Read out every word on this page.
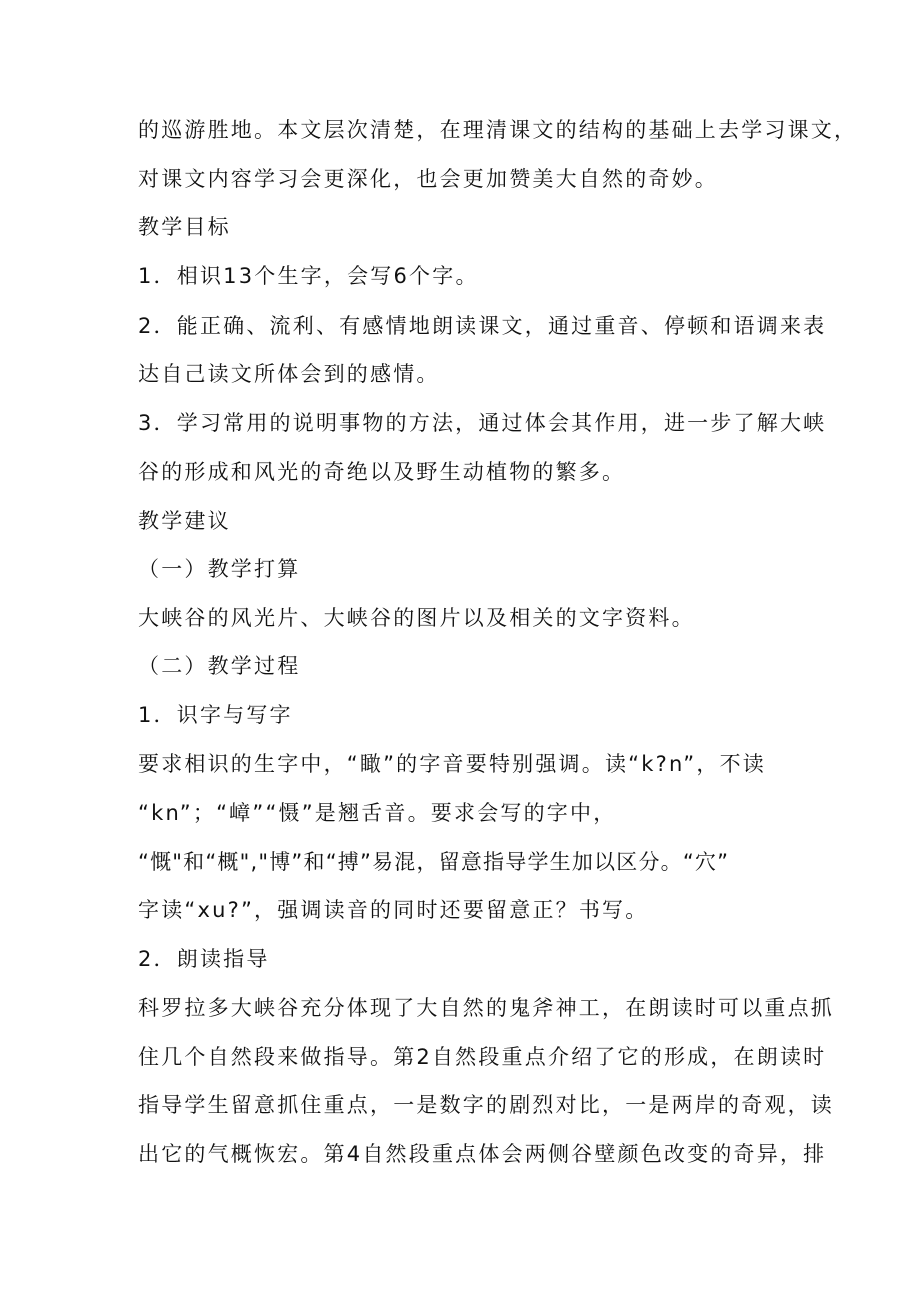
的巡游胜地。本文层次清楚，在理清课文的结构的基础上去学习课文，
对课文内容学习会更深化，也会更加赞美大自然的奇妙。
教学目标
1．相识13个生字，会写6个字。
2．能正确、流利、有感情地朗读课文，通过重音、停顿和语调来表
达自己读文所体会到的感情。
3．学习常用的说明事物的方法，通过体会其作用，进一步了解大峡
谷的形成和风光的奇绝以及野生动植物的繁多。
教学建议
（一）教学打算
大峡谷的风光片、大峡谷的图片以及相关的文字资料。
（二）教学过程
1．识字与写字
要求相识的生字中，“瞰”的字音要特别强调。读“k?n”，不读
“kn”；“嶂”“慑”是翘舌音。要求会写的字中，
“慨"和“概","博”和“搏”易混，留意指导学生加以区分。“穴”
字读“xu?”，强调读音的同时还要留意正？书写。
2．朗读指导
科罗拉多大峡谷充分体现了大自然的鬼斧神工，在朗读时可以重点抓
住几个自然段来做指导。第2自然段重点介绍了它的形成，在朗读时
指导学生留意抓住重点，一是数字的剧烈对比，一是两岸的奇观，读
出它的气概恢宏。第4自然段重点体会两侧谷壁颜色改变的奇异，排
